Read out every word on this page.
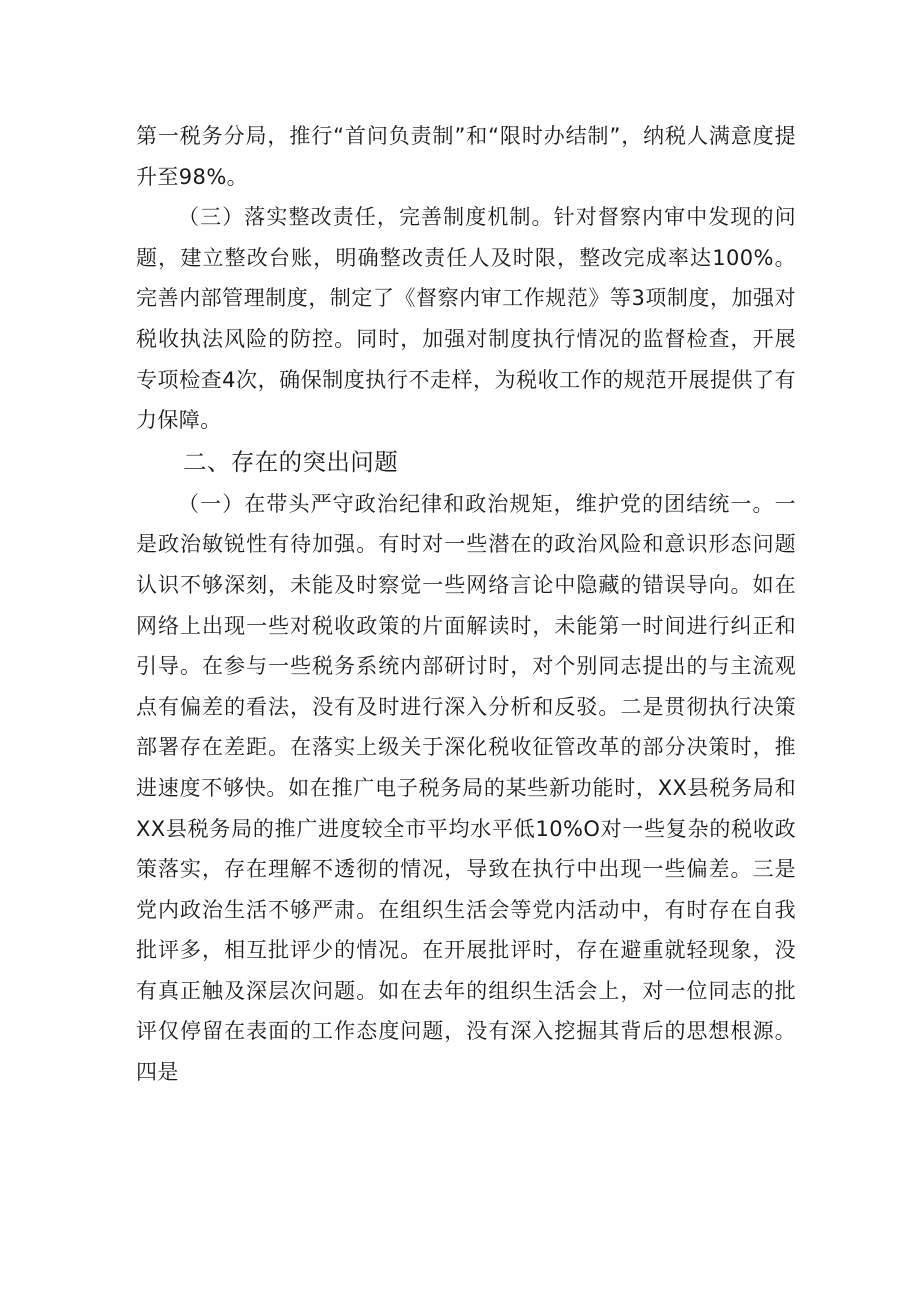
第一税务分局，推行“首问负责制”和“限时办结制”，纳税人满意度提升至98%。

（三）落实整改责任，完善制度机制。针对督察内审中发现的问题，建立整改台账，明确整改责任人及时限，整改完成率达100%。完善内部管理制度，制定了《督察内审工作规范》等3项制度，加强对税收执法风险的防控。同时，加强对制度执行情况的监督检查，开展专项检查4次，确保制度执行不走样，为税收工作的规范开展提供了有力保障。

二、存在的突出问题

（一）在带头严守政治纪律和政治规矩，维护党的团结统一。一是政治敏锐性有待加强。有时对一些潜在的政治风险和意识形态问题认识不够深刻，未能及时察觉一些网络言论中隐藏的错误导向。如在网络上出现一些对税收政策的片面解读时，未能第一时间进行纠正和引导。在参与一些税务系统内部研讨时，对个别同志提出的与主流观点有偏差的看法，没有及时进行深入分析和反驳。二是贯彻执行决策部署存在差距。在落实上级关于深化税收征管改革的部分决策时，推进速度不够快。如在推广电子税务局的某些新功能时，XX县税务局和XX县税务局的推广进度较全市平均水平低10%O对一些复杂的税收政策落实，存在理解不透彻的情况，导致在执行中出现一些偏差。三是党内政治生活不够严肃。在组织生活会等党内活动中，有时存在自我批评多，相互批评少的情况。在开展批评时，存在避重就轻现象，没有真正触及深层次问题。如在去年的组织生活会上，对一位同志的批评仅停留在表面的工作态度问题，没有深入挖掘其背后的思想根源。四是
